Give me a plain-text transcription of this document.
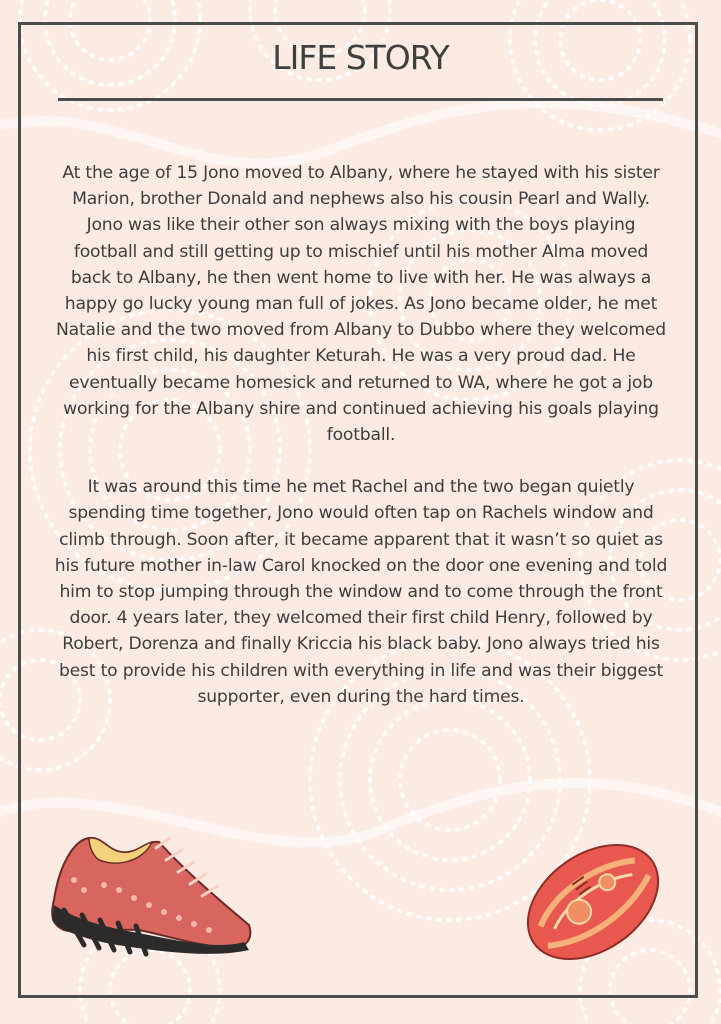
LIFE STORY

At the age of 15 Jono moved to Albany, where he stayed with his sister Marion, brother Donald and nephews also his cousin Pearl and Wally. Jono was like their other son always mixing with the boys playing football and still getting up to mischief until his mother Alma moved back to Albany, he then went home to live with her. He was always a happy go lucky young man full of jokes. As Jono became older, he met Natalie and the two moved from Albany to Dubbo where they welcomed his first child, his daughter Keturah. He was a very proud dad. He eventually became homesick and returned to WA, where he got a job working for the Albany shire and continued achieving his goals playing football.

It was around this time he met Rachel and the two began quietly spending time together, Jono would often tap on Rachels window and climb through. Soon after, it became apparent that it wasn’t so quiet as his future mother in-law Carol knocked on the door one evening and told him to stop jumping through the window and to come through the front door. 4 years later, they welcomed their first child Henry, followed by Robert, Dorenza and finally Kriccia his black baby. Jono always tried his best to provide his children with everything in life and was their biggest supporter, even during the hard times.
